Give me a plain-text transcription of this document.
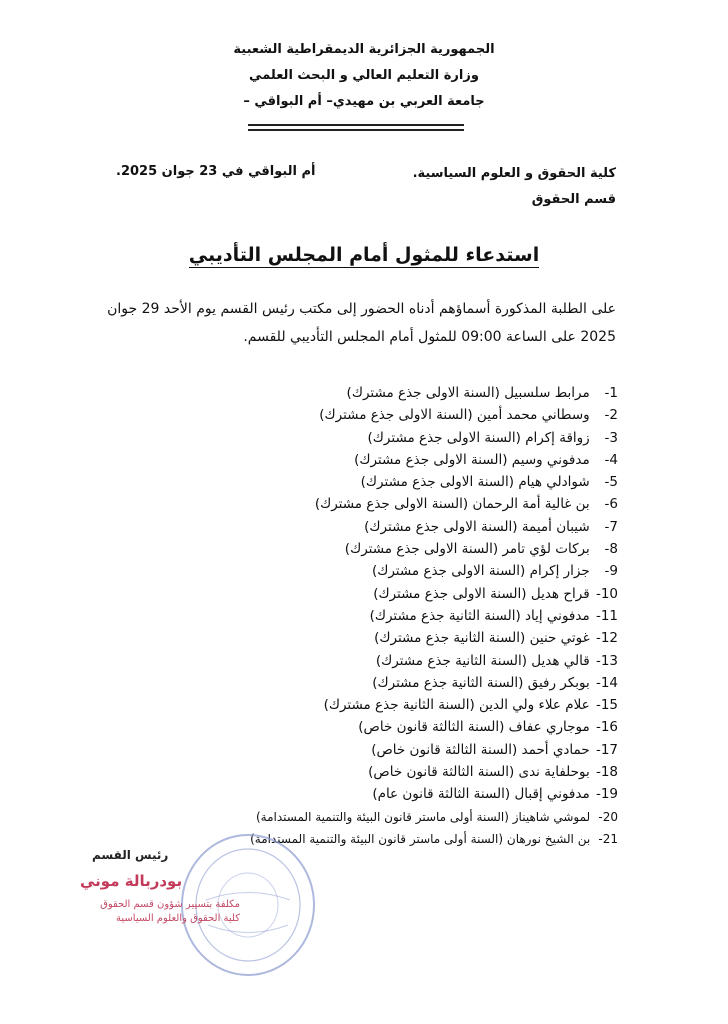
الجمهورية الجزائرية الديمقراطية الشعبية
وزارة التعليم العالي و البحث العلمي
جامعة العربي بن مهيدي– أم البواقي –
كلية الحقوق و العلوم السياسية.
قسم الحقوق
أم البواقي في 23 جوان 2025.
استدعاء للمثول أمام المجلس التأديبي
على الطلبة المذكورة أسماؤهم أدناه الحضور إلى مكتب رئيس القسم يوم الأحد 29 جوان
2025 على الساعة 09:00 للمثول أمام المجلس التأديبي للقسم.
1- مرابط سلسبيل (السنة الاولى جذع مشترك)
2- وسطاني محمد أمين (السنة الاولى جذع مشترك)
3- زواقة إكرام (السنة الاولى جذع مشترك)
4- مدفوني وسيم (السنة الاولى جذع مشترك)
5- شوادلي هيام (السنة الاولى جذع مشترك)
6- بن غالية أمة الرحمان (السنة الاولى جذع مشترك)
7- شيبان أميمة (السنة الاولى جذع مشترك)
8- بركات لؤي تامر (السنة الاولى جذع مشترك)
9- جزار إكرام (السنة الاولى جذع مشترك)
10- قراح هديل (السنة الاولى جذع مشترك)
11- مدفوني إياد (السنة الثانية جذع مشترك)
12- غوتي حنين (السنة الثانية جذع مشترك)
13- قالي هديل (السنة الثانية جذع مشترك)
14- بوبكر رفيق (السنة الثانية جذع مشترك)
15- علام علاء ولي الدين (السنة الثانية جذع مشترك)
16- موجاري عفاف (السنة الثالثة قانون خاص)
17- حمادي أحمد (السنة الثالثة قانون خاص)
18- بوحلفاية ندى (السنة الثالثة قانون خاص)
19- مدفوني إقبال (السنة الثالثة قانون عام)
20- لموشي شاهيناز (السنة أولى ماستر قانون البيئة والتنمية المستدامة)
21- بن الشيخ نورهان (السنة أولى ماستر قانون البيئة والتنمية المستدامة)
رئيس القسم
بودربالة موني
مكلفة بتسيير شؤون قسم الحقوق
كلية الحقوق والعلوم السياسية
